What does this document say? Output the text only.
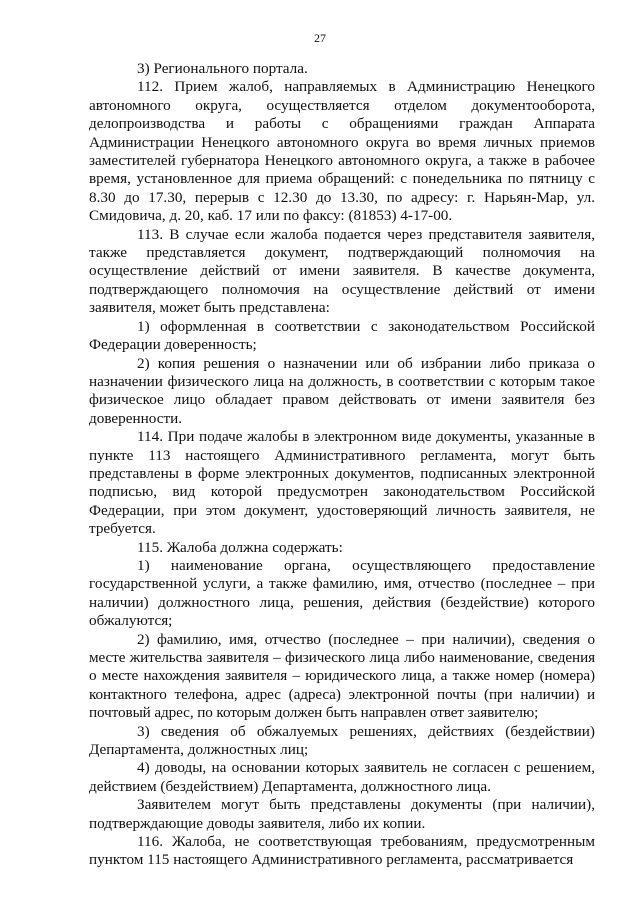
27

3) Регионального портала.

112. Прием жалоб, направляемых в Администрацию Ненецкого автономного округа, осуществляется отделом документооборота, делопроизводства и работы с обращениями граждан Аппарата Администрации Ненецкого автономного округа во время личных приемов заместителей губернатора Ненецкого автономного округа, а также в рабочее время, установленное для приема обращений: с понедельника по пятницу с 8.30 до 17.30, перерыв с 12.30 до 13.30, по адресу: г. Нарьян-Мар, ул. Смидовича, д. 20, каб. 17 или по факсу: (81853) 4-17-00.

113. В случае если жалоба подается через представителя заявителя, также представляется документ, подтверждающий полномочия на осуществление действий от имени заявителя. В качестве документа, подтверждающего полномочия на осуществление действий от имени заявителя, может быть представлена:

1) оформленная в соответствии с законодательством Российской Федерации доверенность;

2) копия решения о назначении или об избрании либо приказа о назначении физического лица на должность, в соответствии с которым такое физическое лицо обладает правом действовать от имени заявителя без доверенности.

114. При подаче жалобы в электронном виде документы, указанные в пункте 113 настоящего Административного регламента, могут быть представлены в форме электронных документов, подписанных электронной подписью, вид которой предусмотрен законодательством Российской Федерации, при этом документ, удостоверяющий личность заявителя, не требуется.

115. Жалоба должна содержать:

1) наименование органа, осуществляющего предоставление государственной услуги, а также фамилию, имя, отчество (последнее – при наличии) должностного лица, решения, действия (бездействие) которого обжалуются;

2) фамилию, имя, отчество (последнее – при наличии), сведения о месте жительства заявителя – физического лица либо наименование, сведения о месте нахождения заявителя – юридического лица, а также номер (номера) контактного телефона, адрес (адреса) электронной почты (при наличии) и почтовый адрес, по которым должен быть направлен ответ заявителю;

3) сведения об обжалуемых решениях, действиях (бездействии) Департамента, должностных лиц;

4) доводы, на основании которых заявитель не согласен с решением, действием (бездействием) Департамента, должностного лица.

Заявителем могут быть представлены документы (при наличии), подтверждающие доводы заявителя, либо их копии.

116. Жалоба, не соответствующая требованиям, предусмотренным пунктом 115 настоящего Административного регламента, рассматривается
